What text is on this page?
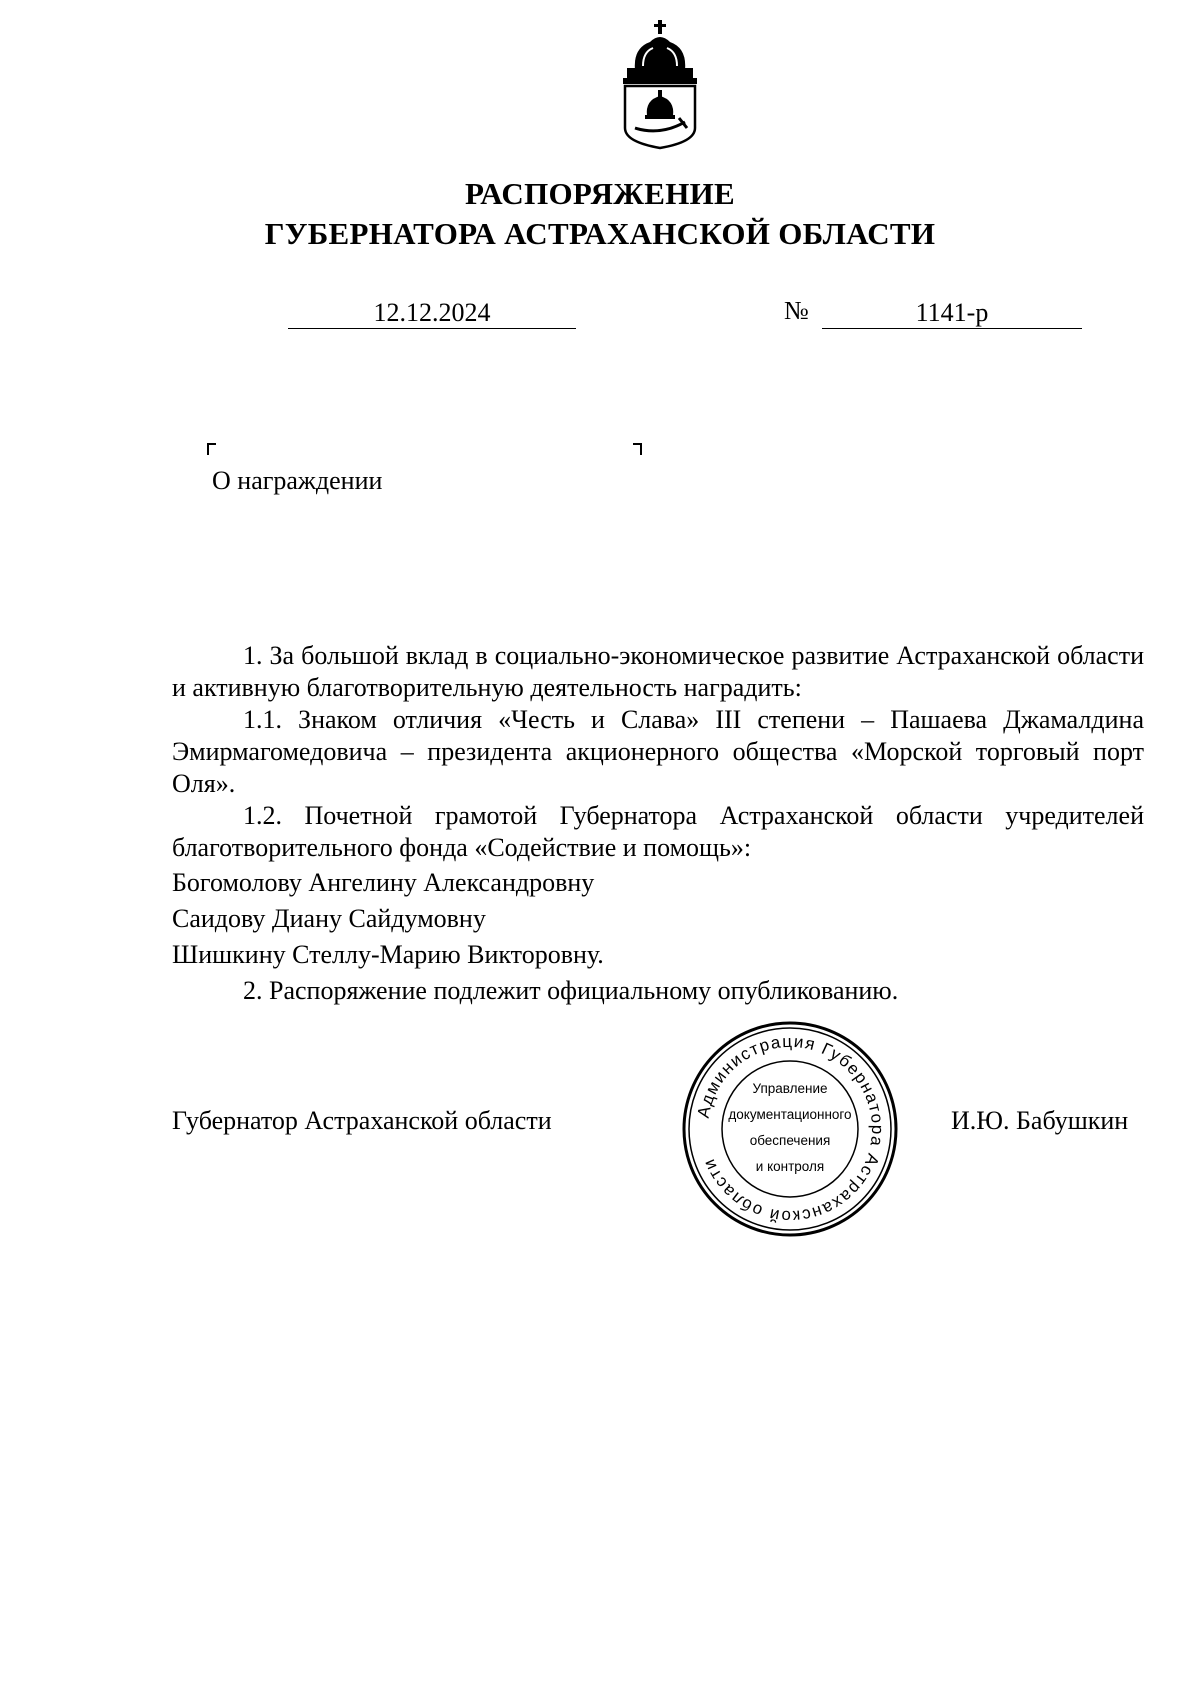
РАСПОРЯЖЕНИЕ
ГУБЕРНАТОРА АСТРАХАНСКОЙ ОБЛАСТИ
12.12.2024	№	1141-р
О награждении

1. За большой вклад в социально-экономическое развитие Астраханской области и активную благотворительную деятельность наградить:

1.1. Знаком отличия «Честь и Слава» III степени – Пашаева Джамалдина Эмирмагомедовича – президента акционерного общества «Морской торговый порт Оля».

1.2. Почетной грамотой Губернатора Астраханской области учредителей благотворительного фонда «Содействие и помощь»:

Богомолову Ангелину Александровну
Саидову Диану Сайдумовну
Шишкину Стеллу-Марию Викторовну.
2. Распоряжение подлежит официальному опубликованию.
Губернатор Астраханской области	И.Ю. Бабушкин
Администрация Губернатора Астраханской области
Управление
документационного
обеспечения
и контроля
